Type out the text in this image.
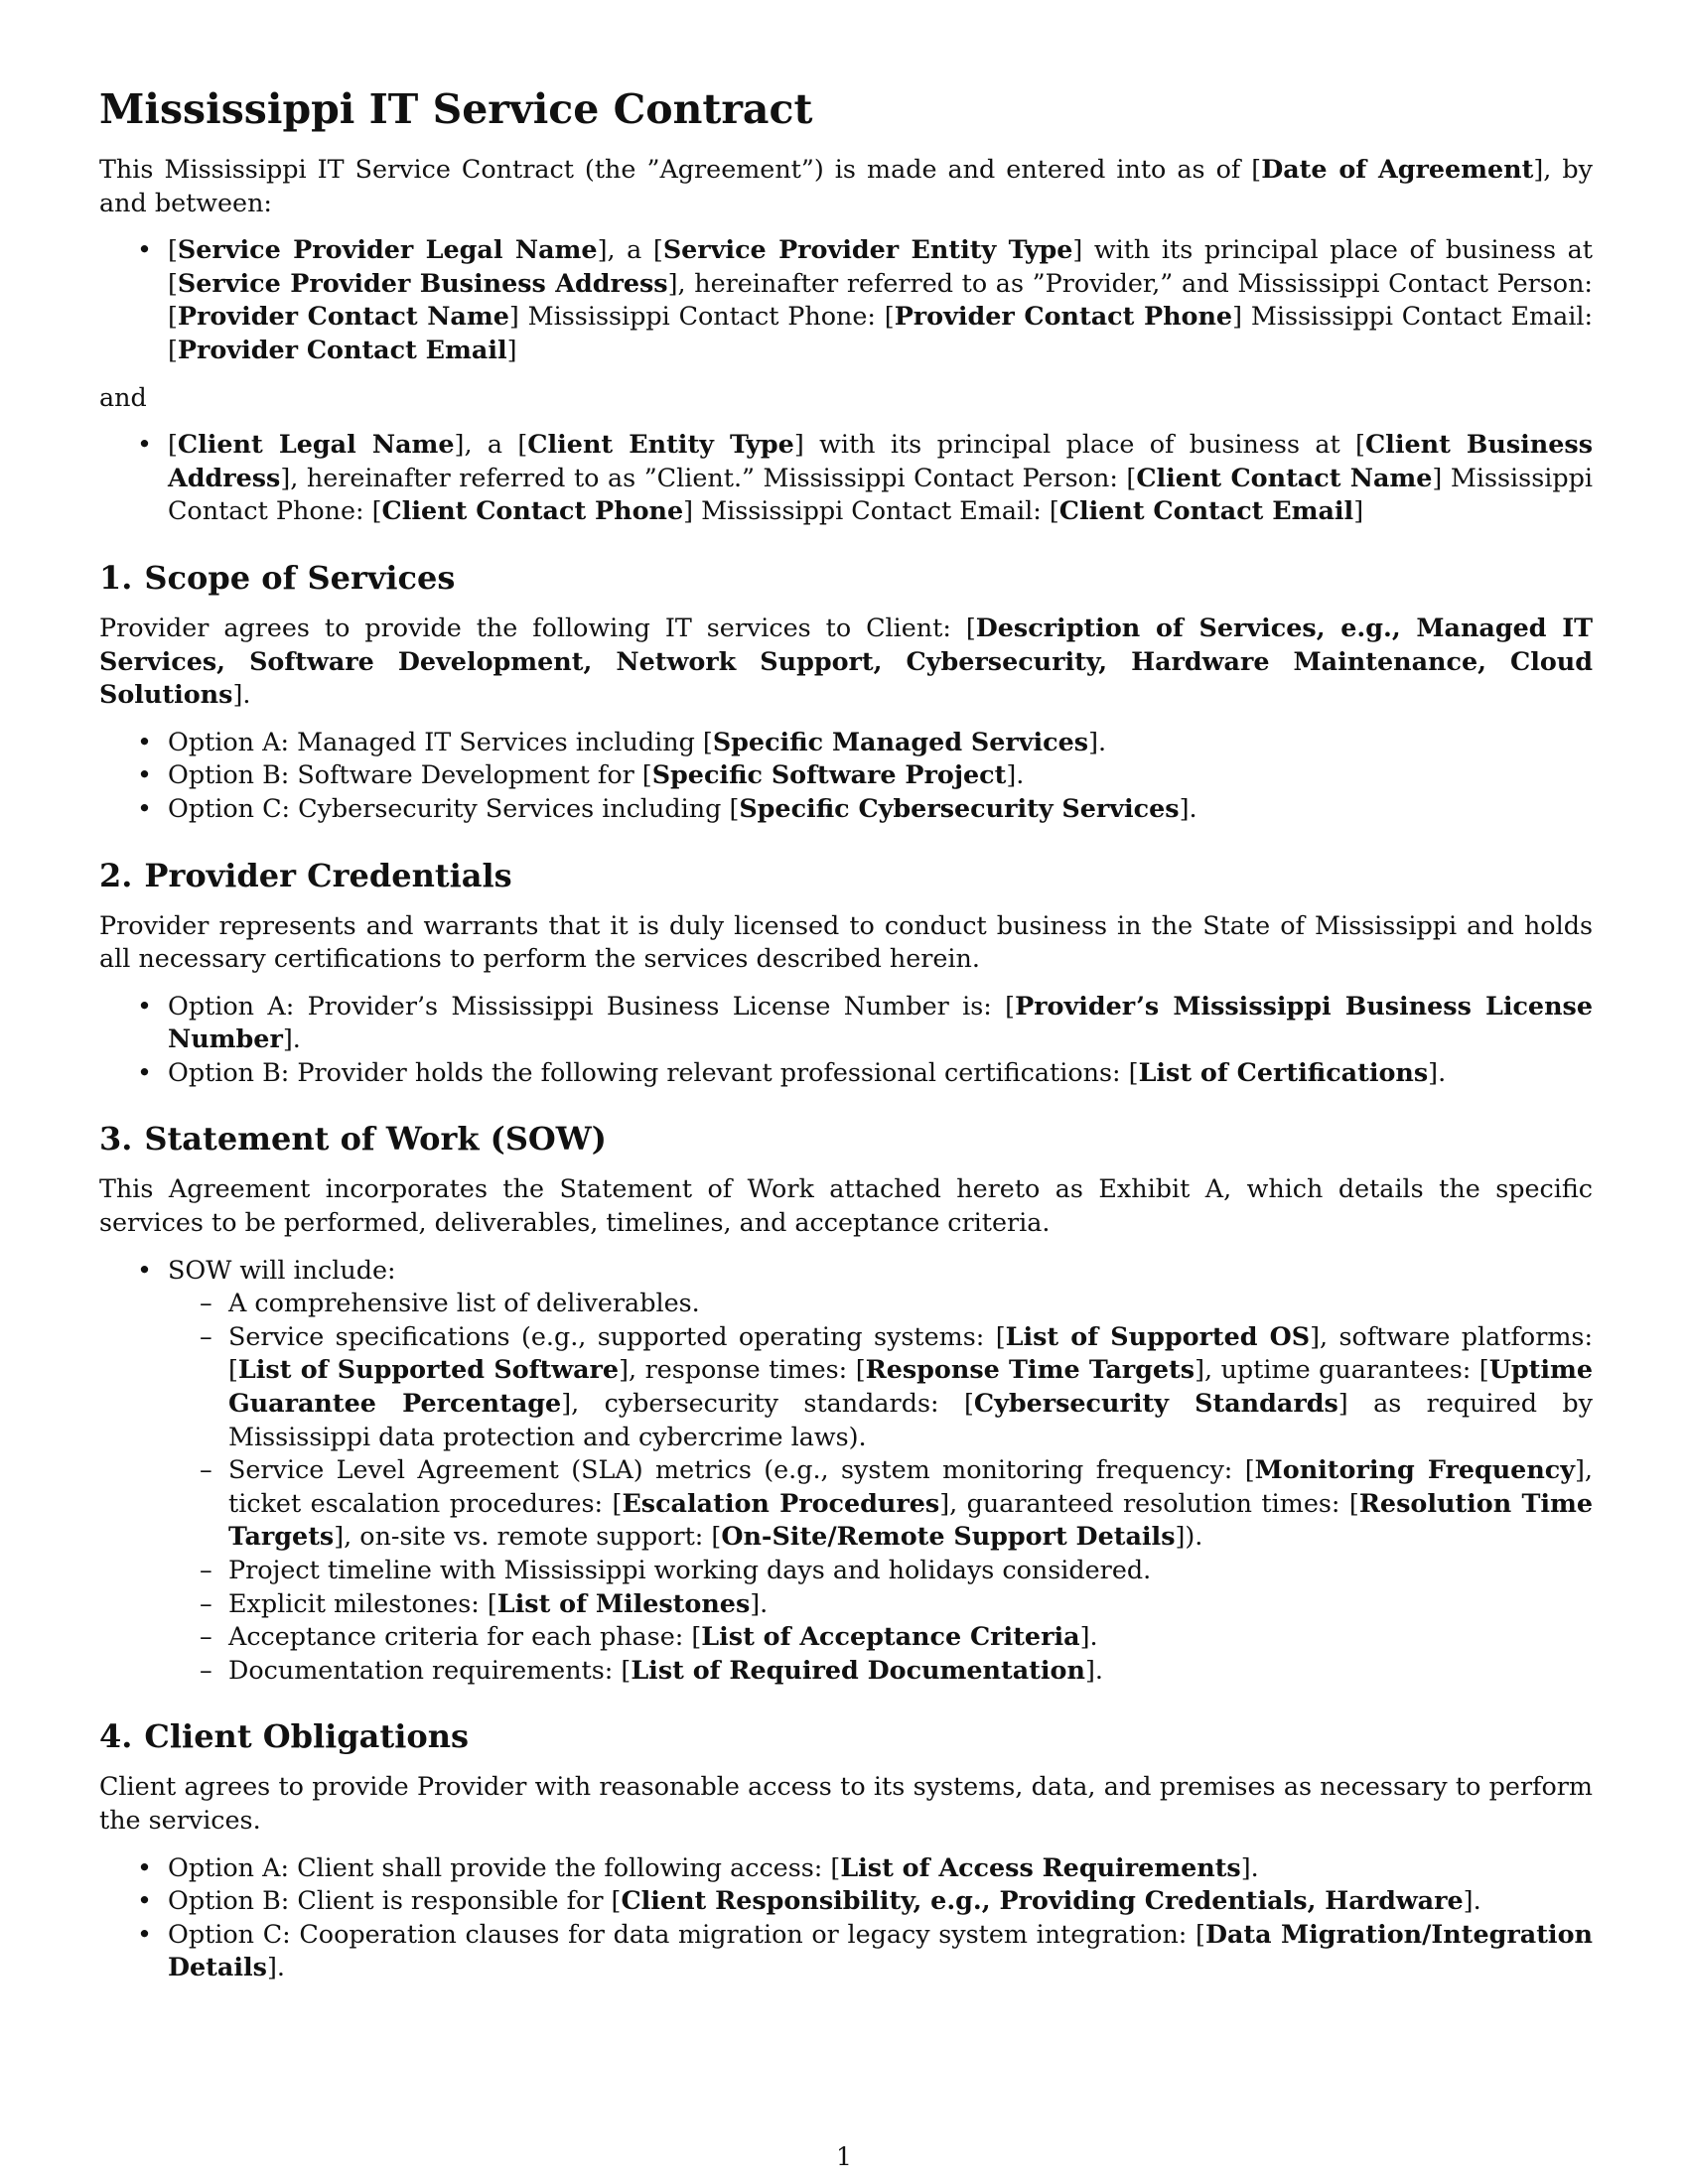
Mississippi IT Service Contract

This Mississippi IT Service Contract (the ”Agreement”) is made and entered into as of [Date of Agreement], by and between:

• [Service Provider Legal Name], a [Service Provider Entity Type] with its principal place of business at [Service Provider Business Address], hereinafter referred to as ”Provider,” and Mississippi Contact Person: [Provider Contact Name] Mississippi Contact Phone: [Provider Contact Phone] Mississippi Contact Email: [Provider Contact Email]

and

• [Client Legal Name], a [Client Entity Type] with its principal place of business at [Client Business Address], hereinafter referred to as ”Client.” Mississippi Contact Person: [Client Contact Name] Mississippi Contact Phone: [Client Contact Phone] Mississippi Contact Email: [Client Contact Email]
1. Scope of Services

Provider agrees to provide the following IT services to Client: [Description of Services, e.g., Managed IT Services, Software Development, Network Support, Cybersecurity, Hardware Maintenance, Cloud Solutions].

• Option A: Managed IT Services including [Specific Managed Services].
• Option B: Software Development for [Specific Software Project].
• Option C: Cybersecurity Services including [Specific Cybersecurity Services].
2. Provider Credentials

Provider represents and warrants that it is duly licensed to conduct business in the State of Mississippi and holds all necessary certifications to perform the services described herein.

• Option A: Provider’s Mississippi Business License Number is: [Provider’s Mississippi Business License Number].
• Option B: Provider holds the following relevant professional certifications: [List of Certifications].
3. Statement of Work (SOW)

This Agreement incorporates the Statement of Work attached hereto as Exhibit A, which details the specific services to be performed, deliverables, timelines, and acceptance criteria.

• SOW will include:
– A comprehensive list of deliverables.
– Service specifications (e.g., supported operating systems: [List of Supported OS], software platforms: [List of Supported Software], response times: [Response Time Targets], uptime guarantees: [Uptime Guarantee Percentage], cybersecurity standards: [Cybersecurity Standards] as required by Mississippi data protection and cybercrime laws).
– Service Level Agreement (SLA) metrics (e.g., system monitoring frequency: [Monitoring Frequency], ticket escalation procedures: [Escalation Procedures], guaranteed resolution times: [Resolution Time Targets], on-site vs. remote support: [On-Site/Remote Support Details]).
– Project timeline with Mississippi working days and holidays considered.
– Explicit milestones: [List of Milestones].
– Acceptance criteria for each phase: [List of Acceptance Criteria].
– Documentation requirements: [List of Required Documentation].
4. Client Obligations

Client agrees to provide Provider with reasonable access to its systems, data, and premises as necessary to perform the services.

• Option A: Client shall provide the following access: [List of Access Requirements].
• Option B: Client is responsible for [Client Responsibility, e.g., Providing Credentials, Hardware].
• Option C: Cooperation clauses for data migration or legacy system integration: [Data Migration/Integration Details].
1
